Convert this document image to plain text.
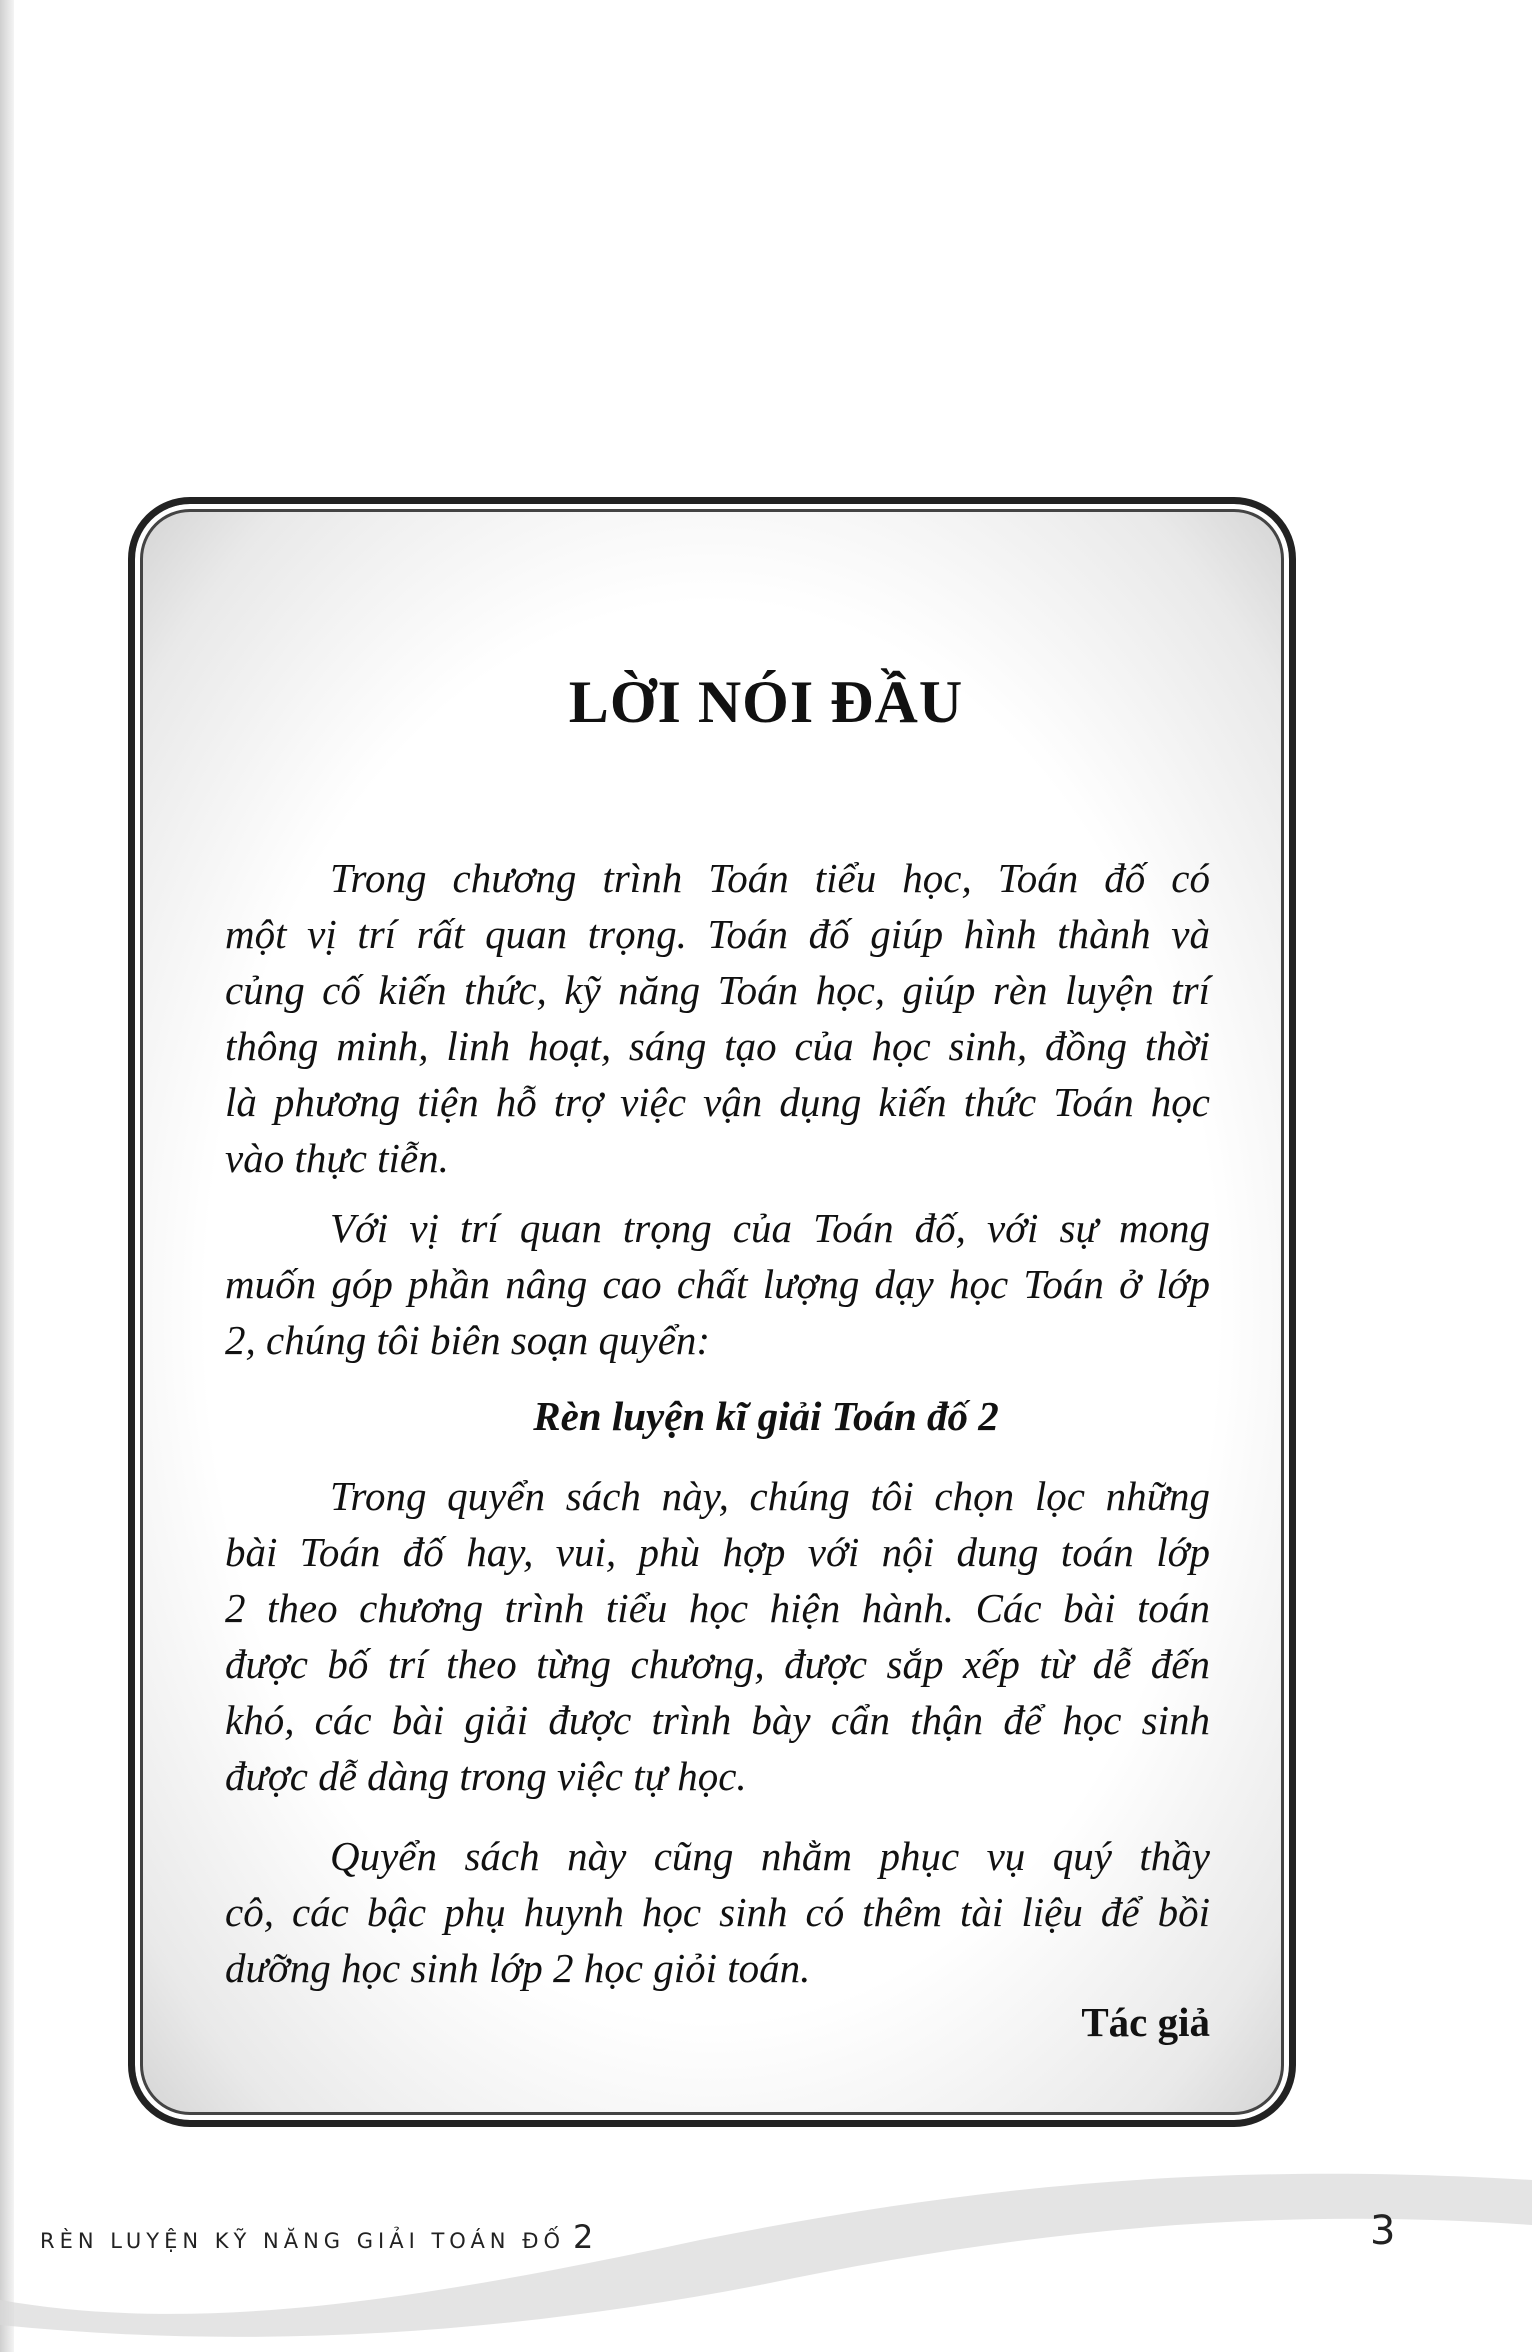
LỜI NÓI ĐẦU
Trong chương trình Toán tiểu học, Toán đố có
một vị trí rất quan trọng. Toán đố giúp hình thành và
củng cố kiến thức, kỹ năng Toán học, giúp rèn luyện trí
thông minh, linh hoạt, sáng tạo của học sinh, đồng thời
là phương tiện hỗ trợ việc vận dụng kiến thức Toán học
vào thực tiễn.
Với vị trí quan trọng của Toán đố, với sự mong
muốn góp phần nâng cao chất lượng dạy học Toán ở lớp
2, chúng tôi biên soạn quyển:
Rèn luyện kĩ giải Toán đố 2
Trong quyển sách này, chúng tôi chọn lọc những
bài Toán đố hay, vui, phù hợp với nội dung toán lớp
2 theo chương trình tiểu học hiện hành. Các bài toán
được bố trí theo từng chương, được sắp xếp từ dễ đến
khó, các bài giải được trình bày cẩn thận để học sinh
được dễ dàng trong việc tự học.
Quyển sách này cũng nhằm phục vụ quý thầy
cô, các bậc phụ huynh học sinh có thêm tài liệu để bồi
dưỡng học sinh lớp 2 học giỏi toán.
Tác giả
RÈN LUYỆN KỸ NĂNG GIẢI TOÁN ĐỐ 2	3
